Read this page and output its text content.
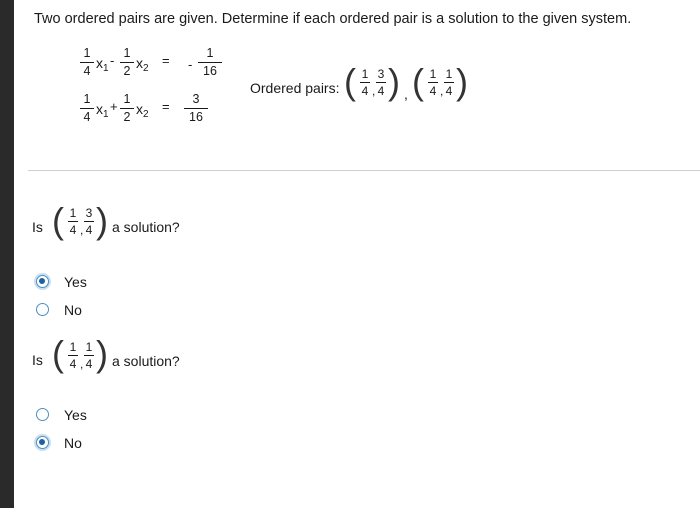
Two ordered pairs are given. Determine if each ordered pair is a solution to the given system.
1
4 $x_1$
- 1
2 $x_2$
= -
1
16
1
4 $x_1$
+ 1
2 $x_2$
=	3
16
Ordered pairs: ( 1
4 ,
3
4 ) , ( 1
4 ,
1
4 )
Is ( 1
4 ,
3
4 ) a solution?
Yes
No
Is ( 1
4 ,
1
4 ) a solution?
Yes
No
